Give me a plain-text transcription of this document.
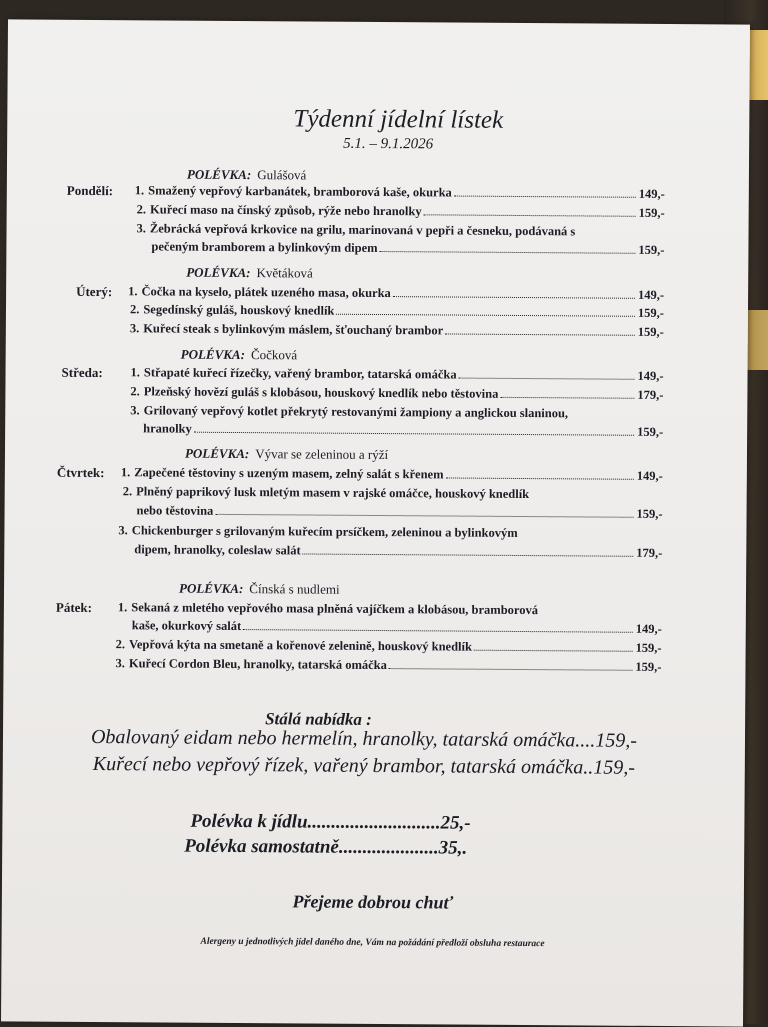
Týdenní jídelní lístek
5.1. – 9.1.2026
POLÉVKA: Gulášová
Pondělí: 1. Smažený vepřový karbanátek, bramborová kaše, okurka	149,-
2. Kuřecí maso na čínský způsob, rýže nebo hranolky	159,-
3. Žebrácká vepřová krkovice na grilu, marinovaná v pepři a česneku, podávaná s
pečeným bramborem a bylinkovým dipem	159,-
POLÉVKA: Květáková
Úterý: 1. Čočka na kyselo, plátek uzeného masa, okurka	149,-
2. Segedínský guláš, houskový knedlík	159,-
3. Kuřecí steak s bylinkovým máslem, šťouchaný brambor	159,-
POLÉVKA: Čočková
Středa: 1. Střapaté kuřecí řízečky, vařený brambor, tatarská omáčka	149,-
2. Plzeňský hovězí guláš s klobásou, houskový knedlík nebo těstovina	179,-
3. Grilovaný vepřový kotlet překrytý restovanými žampiony a anglickou slaninou,
hranolky	159,-
POLÉVKA: Vývar se zeleninou a rýží
Čtvrtek: 1. Zapečené těstoviny s uzeným masem, zelný salát s křenem	149,-
2. Plněný paprikový lusk mletým masem v rajské omáčce, houskový knedlík
nebo těstovina	159,-
3. Chickenburger s grilovaným kuřecím prsíčkem, zeleninou a bylinkovým
dipem, hranolky, coleslaw salát	179,-
POLÉVKA: Čínská s nudlemi
Pátek: 1. Sekaná z mletého vepřového masa plněná vajíčkem a klobásou, bramborová
kaše, okurkový salát	149,-
2. Vepřová kýta na smetaně a kořenové zelenině, houskový knedlík	159,-
3. Kuřecí Cordon Bleu, hranolky, tatarská omáčka	159,-
Stálá nabídka :
Obalovaný eidam nebo hermelín, hranolky, tatarská omáčka....159,-
Kuřecí nebo vepřový řízek, vařený brambor, tatarská omáčka..159,-
Polévka k jídlu............................25,-
Polévka samostatně.....................35,.
Přejeme dobrou chuť
Alergeny u jednotlivých jídel daného dne, Vám na požádání předloží obsluha restaurace
